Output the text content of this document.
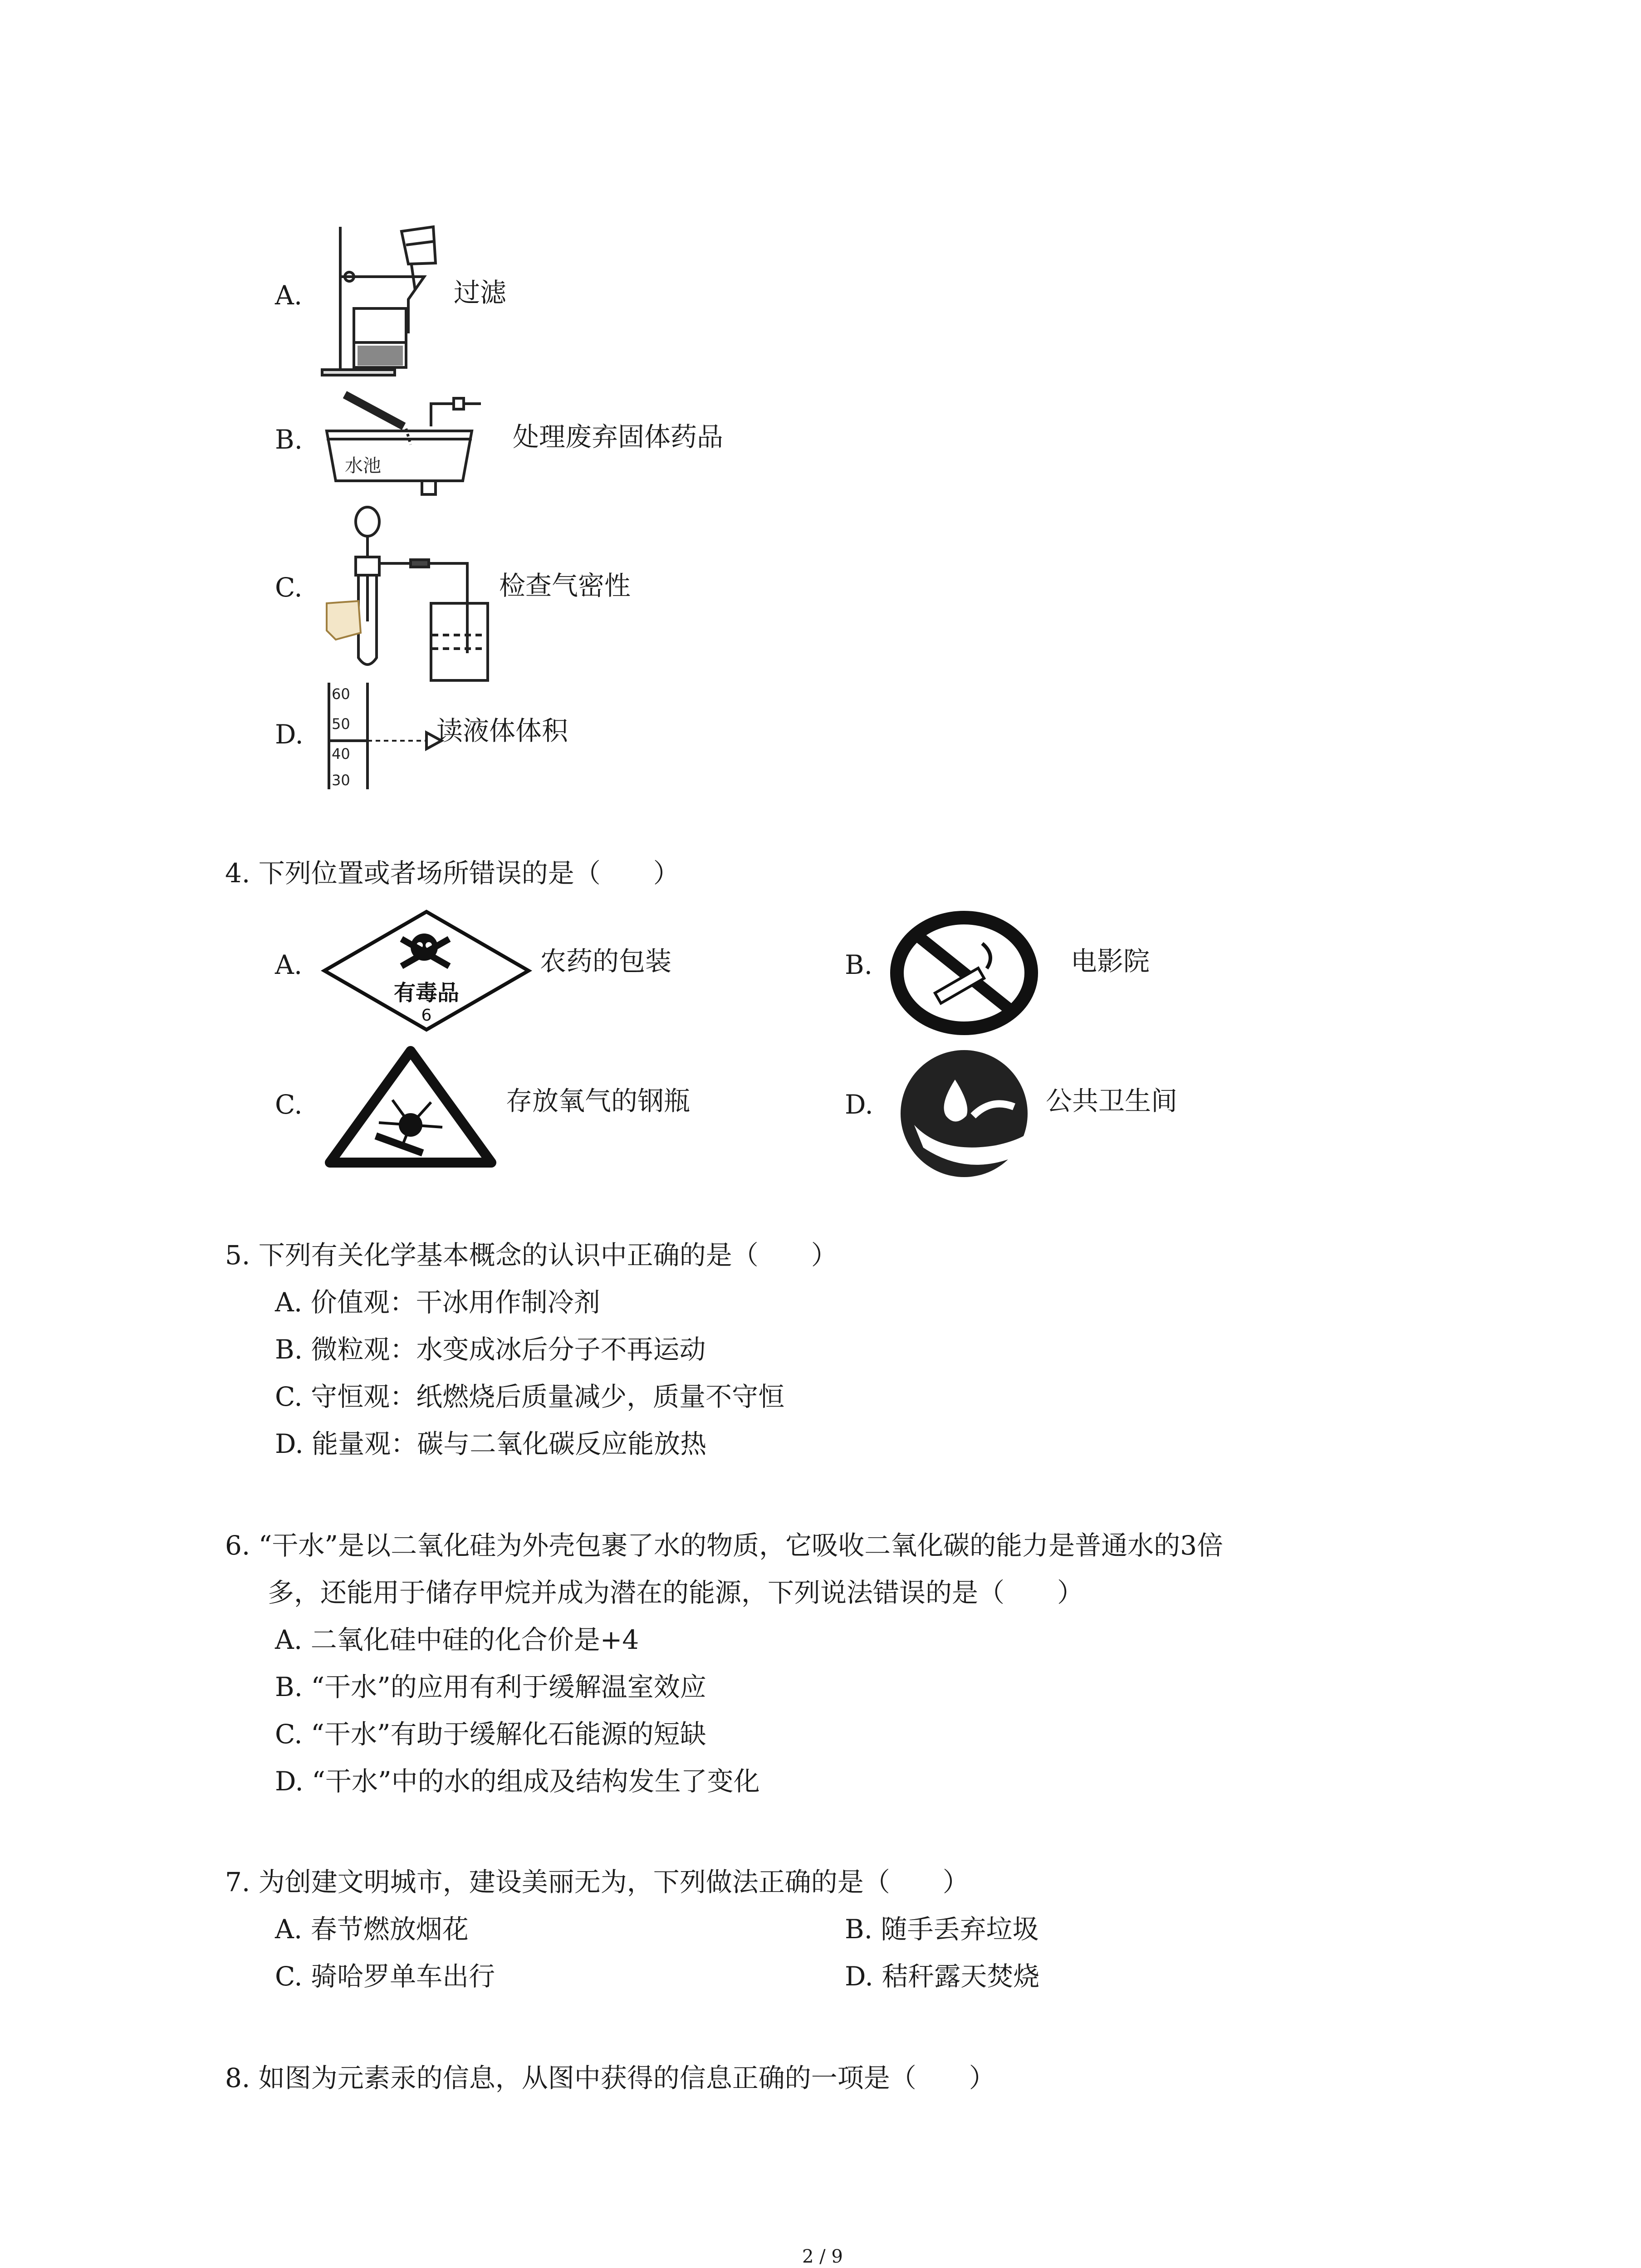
A.	过滤
B.
水池
处理废弃固体药品
C.	检查气密性
D.
60
50
40
30
读液体体积
4. 下列位置或者场所错误的是（　　）
A.
有毒品
6
农药的包装	B.	电影院
C.	存放氧气的钢瓶	D.	公共卫生间
5. 下列有关化学基本概念的认识中正确的是（　　）
A. 价值观：干冰用作制冷剂
B. 微粒观：水变成冰后分子不再运动
C. 守恒观：纸燃烧后质量减少，质量不守恒
D. 能量观：碳与二氧化碳反应能放热
6. “干水”是以二氧化硅为外壳包裹了水的物质，它吸收二氧化碳的能力是普通水的3倍
多，还能用于储存甲烷并成为潜在的能源，下列说法错误的是（　　）
A. 二氧化硅中硅的化合价是+4
B. “干水”的应用有利于缓解温室效应
C. “干水”有助于缓解化石能源的短缺
D. “干水”中的水的组成及结构发生了变化
7. 为创建文明城市，建设美丽无为，下列做法正确的是（　　）
A. 春节燃放烟花	B. 随手丢弃垃圾
C. 骑哈罗单车出行	D. 秸秆露天焚烧
8. 如图为元素汞的信息，从图中获得的信息正确的一项是（　　）
2 / 9
